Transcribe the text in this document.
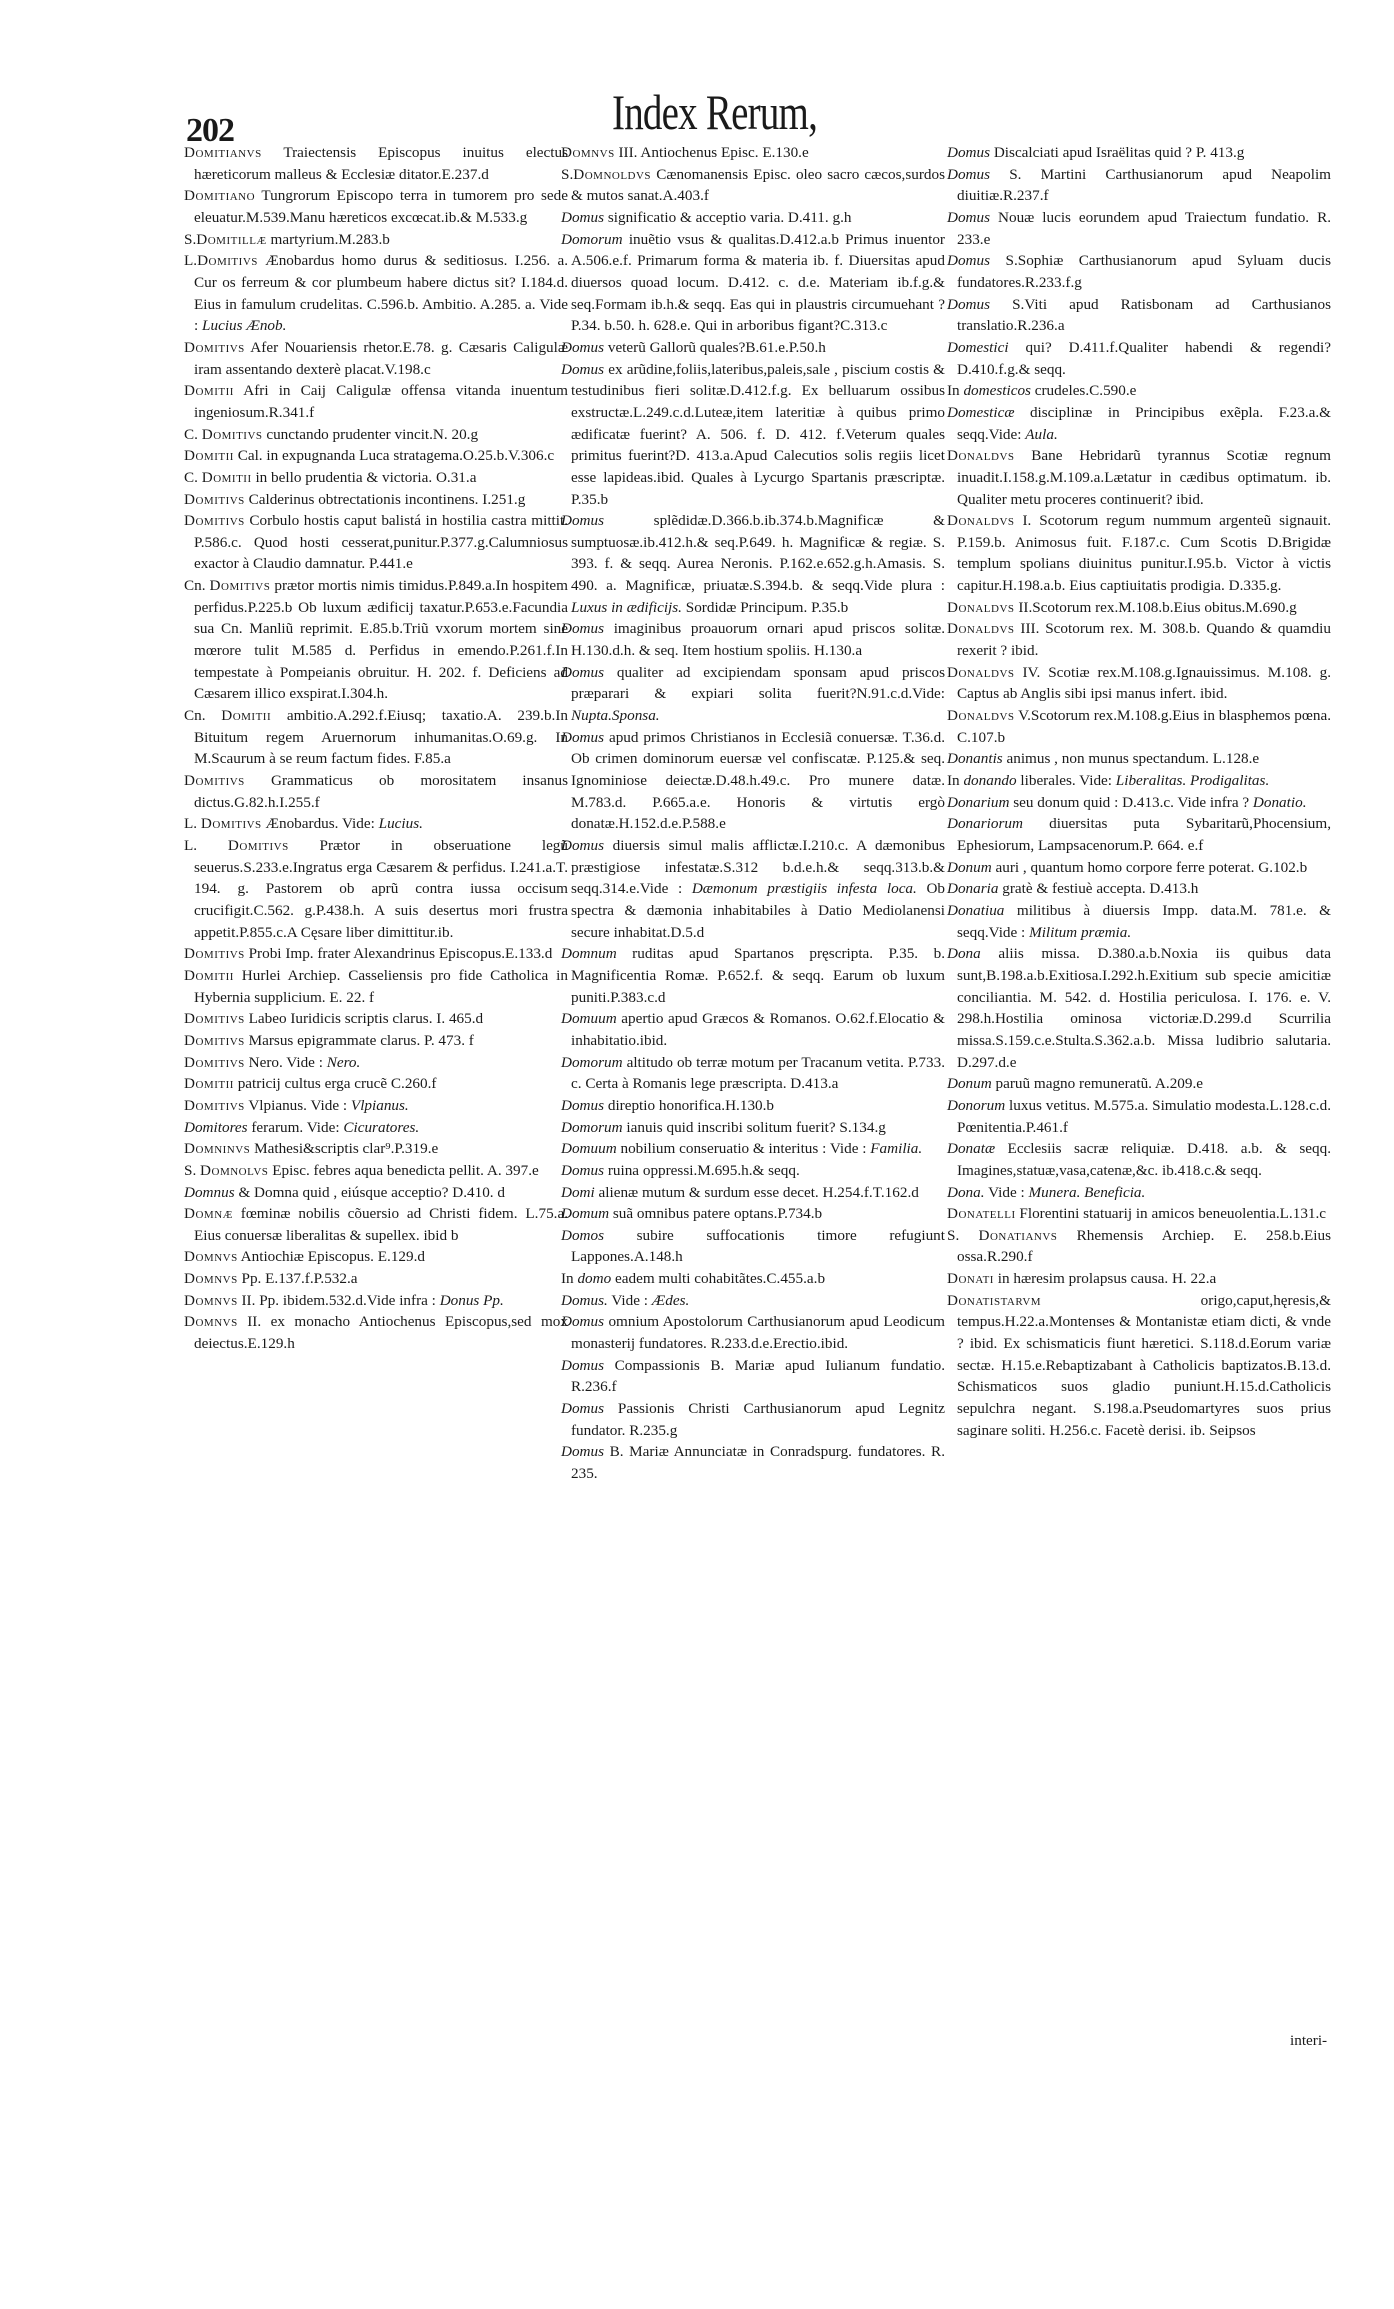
202	Index Rerum,

Domitianvs Traiectensis Episcopus inuitus electus hæreticorum malleus & Ecclesiæ ditator.E.237.d

Domitiano Tungrorum Episcopo terra in tumorem pro sede eleuatur.M.539.Manu hæreticos excœcat.ib.& M.533.g

S.Domitillæ martyrium.M.283.b

L.Domitivs Ænobardus homo durus & seditiosus. I.256. a. Cur os ferreum & cor plumbeum habere dictus sit? I.184.d. Eius in famulum crudelitas. C.596.b. Ambitio. A.285. a. Vide : Lucius Ænob.

Domitivs Afer Nouariensis rhetor.E.78. g. Cæsaris Caligulæ iram assentando dexterè placat.V.198.c

Domitii Afri in Caij Caligulæ offensa vitanda inuentum ingeniosum.R.341.f

C. Domitivs cunctando prudenter vincit.N. 20.g

Domitii Cal. in expugnanda Luca stratagema.O.25.b.V.306.c

C. Domitii in bello prudentia & victoria. O.31.a

Domitivs Calderinus obtrectationis incontinens. I.251.g

Domitivs Corbulo hostis caput balistá in hostilia castra mittit. P.586.c. Quod hosti cesserat,punitur.P.377.g.Calumniosus exactor à Claudio damnatur. P.441.e

Cn. Domitivs prætor mortis nimis timidus.P.849.a.In hospitem perfidus.P.225.b Ob luxum ædificij taxatur.P.653.e.Facundia sua Cn. Manliũ reprimit. E.85.b.Triũ vxorum mortem sine mœrore tulit M.585 d. Perfidus in emendo.P.261.f.In tempestate à Pompeianis obruitur. H. 202. f. Deficiens ad Cæsarem illico exspirat.I.304.h.

Cn. Domitii ambitio.A.292.f.Eiusq; taxatio.A. 239.b.In Bituitum regem Aruernorum inhumanitas.O.69.g. In M.Scaurum à se reum factum fides. F.85.a

Domitivs Grammaticus ob morositatem insanus dictus.G.82.h.I.255.f

L. Domitivs Ænobardus. Vide: Lucius.

L. Domitivs Prætor in obseruatione legũ seuerus.S.233.e.Ingratus erga Cæsarem & perfidus. I.241.a.T. 194. g. Pastorem ob aprũ contra iussa occisum crucifigit.C.562. g.P.438.h. A suis desertus mori frustra appetit.P.855.c.A Cęsare liber dimittitur.ib.

Domitivs Probi Imp. frater Alexandrinus Episcopus.E.133.d

Domitii Hurlei Archiep. Casseliensis pro fide Catholica in Hybernia supplicium. E. 22. f

Domitivs Labeo Iuridicis scriptis clarus. I. 465.d

Domitivs Marsus epigrammate clarus. P. 473. f

Domitivs Nero. Vide : Nero.

Domitii patricij cultus erga crucẽ C.260.f

Domitivs Vlpianus. Vide : Vlpianus.

Domitores ferarum. Vide: Cicuratores.

Domninvs Mathesi&scriptis clar⁹.P.319.e

S. Domnolvs Episc. febres aqua benedicta pellit. A. 397.e

Domnus & Domna quid , eiúsque acceptio? D.410. d

Domnæ fœminæ nobilis cõuersio ad Christi fidem. L.75.a. Eius conuersæ liberalitas & supellex. ibid b

Domnvs Antiochiæ Episcopus. E.129.d

Domnvs Pp. E.137.f.P.532.a

Domnvs II. Pp. ibidem.532.d.Vide infra : Donus Pp.

Domnvs II. ex monacho Antiochenus Episcopus,sed mox deiectus.E.129.h

Domnvs III. Antiochenus Episc. E.130.e

S.Domnoldvs Cænomanensis Episc. oleo sacro cæcos,surdos & mutos sanat.A.403.f

Domus significatio & acceptio varia. D.411. g.h

Domorum inuẽtio vsus & qualitas.D.412.a.b Primus inuentor A.506.e.f. Primarum forma & materia ib. f. Diuersitas apud diuersos quoad locum. D.412. c. d.e. Materiam ib.f.g.& seq.Formam ib.h.& seqq. Eas qui in plaustris circumuehant ? P.34. b.50. h. 628.e. Qui in arboribus figant?C.313.c

Domus veterũ Gallorũ quales?B.61.e.P.50.h

Domus ex arũdine,foliis,lateribus,paleis,sale , piscium costis & testudinibus fieri solitæ.D.412.f.g. Ex belluarum ossibus exstructæ.L.249.c.d.Luteæ,item lateritiæ à quibus primo ædificatæ fuerint? A. 506. f. D. 412. f.Veterum quales primitus fuerint?D. 413.a.Apud Calecutios solis regiis licet esse lapideas.ibid. Quales à Lycurgo Spartanis præscriptæ. P.35.b

Domus splẽdidæ.D.366.b.ib.374.b.Magnificæ & sumptuosæ.ib.412.h.& seq.P.649. h. Magnificæ & regiæ. S. 393. f. & seqq. Aurea Neronis. P.162.e.652.g.h.Amasis. S. 490. a. Magnificæ, priuatæ.S.394.b. & seqq.Vide plura : Luxus in ædificijs. Sordidæ Principum. P.35.b

Domus imaginibus proauorum ornari apud priscos solitæ. H.130.d.h. & seq. Item hostium spoliis. H.130.a

Domus qualiter ad excipiendam sponsam apud priscos præparari & expiari solita fuerit?N.91.c.d.Vide: Nupta.Sponsa.

Domus apud primos Christianos in Ecclesiã conuersæ. T.36.d. Ob crimen dominorum euersæ vel confiscatæ. P.125.& seq. Ignominiose deiectæ.D.48.h.49.c. Pro munere datæ. M.783.d. P.665.a.e. Honoris & virtutis ergò donatæ.H.152.d.e.P.588.e

Domus diuersis simul malis afflictæ.I.210.c. A dæmonibus præstigiose infestatæ.S.312 b.d.e.h.& seqq.313.b.& seqq.314.e.Vide : Dæmonum præstigiis infesta loca. Ob spectra & dæmonia inhabitabiles à Datio Mediolanensi secure inhabitat.D.5.d

Domnum ruditas apud Spartanos pręscripta. P.35. b. Magnificentia Romæ. P.652.f. & seqq. Earum ob luxum puniti.P.383.c.d

Domuum apertio apud Græcos & Romanos. O.62.f.Elocatio & inhabitatio.ibid.

Domorum altitudo ob terræ motum per Tracanum vetita. P.733. c. Certa à Romanis lege præscripta. D.413.a

Domus direptio honorifica.H.130.b

Domorum ianuis quid inscribi solitum fuerit? S.134.g

Domuum nobilium conseruatio & interitus : Vide : Familia.

Domus ruina oppressi.M.695.h.& seqq.

Domi alienæ mutum & surdum esse decet. H.254.f.T.162.d

Domum suã omnibus patere optans.P.734.b

Domos subire suffocationis timore refugiunt Lappones.A.148.h

In domo eadem multi cohabitãtes.C.455.a.b

Domus. Vide : Ædes.

Domus omnium Apostolorum Carthusianorum apud Leodicum monasterij fundatores. R.233.d.e.Erectio.ibid.

Domus Compassionis B. Mariæ apud Iulianum fundatio. R.236.f

Domus Passionis Christi Carthusianorum apud Legnitz fundator. R.235.g

Domus B. Mariæ Annunciatæ in Conradspurg. fundatores. R. 235.

Domus Discalciati apud Israëlitas quid ? P. 413.g

Domus S. Martini Carthusianorum apud Neapolim diuitiæ.R.237.f

Domus Nouæ lucis eorundem apud Traiectum fundatio. R. 233.e

Domus S.Sophiæ Carthusianorum apud Syluam ducis fundatores.R.233.f.g

Domus S.Viti apud Ratisbonam ad Carthusianos translatio.R.236.a

Domestici qui? D.411.f.Qualiter habendi & regendi? D.410.f.g.& seqq.

In domesticos crudeles.C.590.e

Domesticæ disciplinæ in Principibus exẽpla. F.23.a.& seqq.Vide: Aula.

Donaldvs Bane Hebridarũ tyrannus Scotiæ regnum inuadit.I.158.g.M.109.a.Lætatur in cædibus optimatum. ib. Qualiter metu proceres continuerit? ibid.

Donaldvs I. Scotorum regum nummum argenteũ signauit. P.159.b. Animosus fuit. F.187.c. Cum Scotis D.Brigidæ templum spolians diuinitus punitur.I.95.b. Victor à victis capitur.H.198.a.b. Eius captiuitatis prodigia. D.335.g.

Donaldvs II.Scotorum rex.M.108.b.Eius obitus.M.690.g

Donaldvs III. Scotorum rex. M. 308.b. Quando & quamdiu rexerit ? ibid.

Donaldvs IV. Scotiæ rex.M.108.g.Ignauissimus. M.108. g. Captus ab Anglis sibi ipsi manus infert. ibid.

Donaldvs V.Scotorum rex.M.108.g.Eius in blasphemos pœna. C.107.b

Donantis animus , non munus spectandum. L.128.e

In donando liberales. Vide: Liberalitas. Prodigalitas.

Donarium seu donum quid : D.413.c. Vide infra ? Donatio.

Donariorum diuersitas puta Sybaritarũ,Phocensium, Ephesiorum, Lampsacenorum.P. 664. e.f

Donum auri , quantum homo corpore ferre poterat. G.102.b

Donaria gratè & festiuè accepta. D.413.h

Donatiua militibus à diuersis Impp. data.M. 781.e. & seqq.Vide : Militum præmia.

Dona aliis missa. D.380.a.b.Noxia iis quibus data sunt,B.198.a.b.Exitiosa.I.292.h.Exitium sub specie amicitiæ conciliantia. M. 542. d. Hostilia periculosa. I. 176. e. V. 298.h.Hostilia ominosa victoriæ.D.299.d Scurrilia missa.S.159.c.e.Stulta.S.362.a.b. Missa ludibrio salutaria. D.297.d.e

Donum paruũ magno remuneratũ. A.209.e

Donorum luxus vetitus. M.575.a. Simulatio modesta.L.128.c.d. Pœnitentia.P.461.f

Donatæ Ecclesiis sacræ reliquiæ. D.418. a.b. & seqq. Imagines,statuæ,vasa,catenæ,&c. ib.418.c.& seqq.

Dona. Vide : Munera. Beneficia.

Donatelli Florentini statuarij in amicos beneuolentia.L.131.c

S. Donatianvs Rhemensis Archiep. E. 258.b.Eius ossa.R.290.f

Donati in hæresim prolapsus causa. H. 22.a

Donatistarvm origo,caput,hęresis,& tempus.H.22.a.Montenses & Montanistæ etiam dicti, & vnde ? ibid. Ex schismaticis fiunt hæretici. S.118.d.Eorum variæ sectæ. H.15.e.Rebaptizabant à Catholicis baptizatos.B.13.d. Schismaticos suos gladio puniunt.H.15.d.Catholicis sepulchra negant. S.198.a.Pseudomartyres suos prius saginare soliti. H.256.c. Facetè derisi. ib. Seipsos

interi-
